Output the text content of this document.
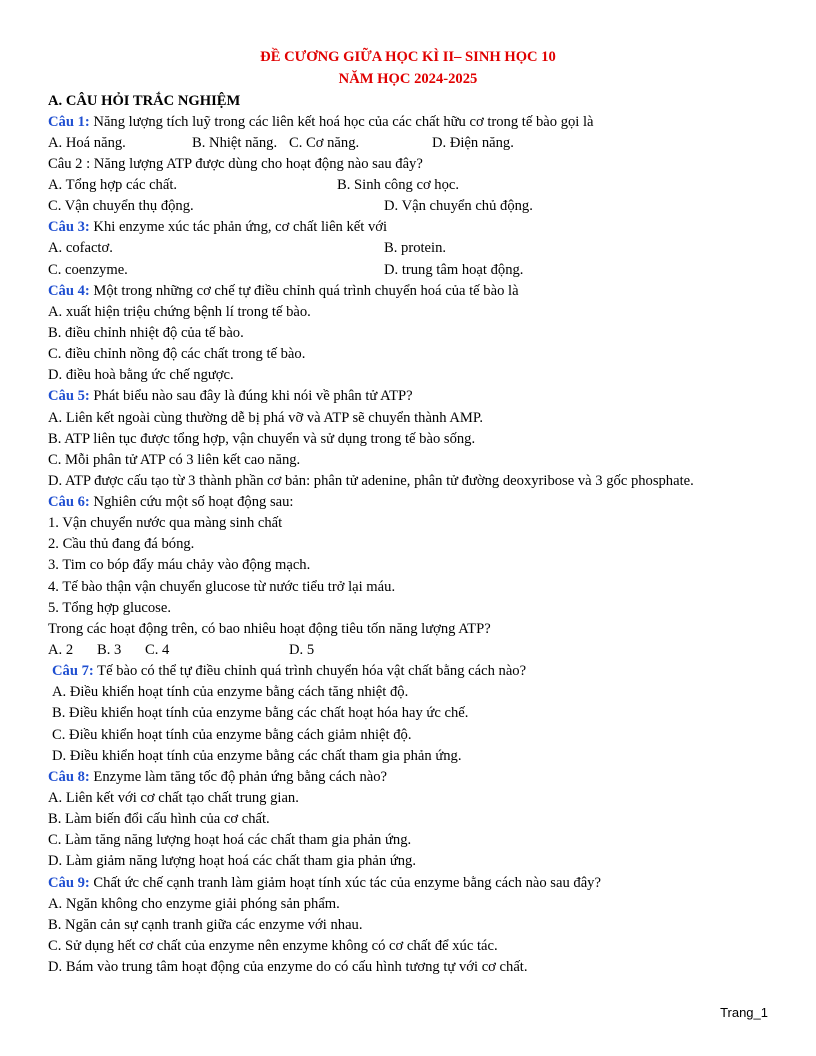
ĐỀ CƯƠNG GIỮA HỌC KÌ II– SINH HỌC 10
NĂM HỌC 2024-2025
A. CÂU HỎI TRẮC NGHIỆM
Câu 1: Năng lượng tích luỹ trong các liên kết hoá học của các chất hữu cơ trong tế bào gọi là
A. Hoá năng.	B. Nhiệt năng. C. Cơ năng.	D. Điện năng.
Câu 2 : Năng lượng ATP được dùng cho hoạt động nào sau đây?
A. Tổng hợp các chất.	B. Sinh công cơ học.
C. Vận chuyển thụ động.	D. Vận chuyển chủ động.
Câu 3: Khi enzyme xúc tác phản ứng, cơ chất liên kết với
A. cofactơ.	B. protein.
C. coenzyme.	D. trung tâm hoạt động.
Câu 4: Một trong những cơ chế tự điều chỉnh quá trình chuyển hoá của tế bào là
A. xuất hiện triệu chứng bệnh lí trong tế bào.
B. điều chỉnh nhiệt độ của tế bào.
C. điều chỉnh nồng độ các chất trong tế bào.
D. điều hoà bằng ức chế ngược.
Câu 5: Phát biểu nào sau đây là đúng khi nói về phân tử ATP?
A. Liên kết ngoài cùng thường dễ bị phá vỡ và ATP sẽ chuyển thành AMP.
B. ATP liên tục được tổng hợp, vận chuyển và sử dụng trong tế bào sống.
C. Mỗi phân tử ATP có 3 liên kết cao năng.
D. ATP được cấu tạo từ 3 thành phần cơ bản: phân tử adenine, phân tử đường deoxyribose và 3 gốc phosphate.
Câu 6: Nghiên cứu một số hoạt động sau:
1. Vận chuyển nước qua màng sinh chất
2. Cầu thủ đang đá bóng.
3. Tim co bóp đẩy máu chảy vào động mạch.
4. Tế bào thận vận chuyển glucose từ nước tiểu trở lại máu.
5. Tổng hợp glucose.
Trong các hoạt động trên, có bao nhiêu hoạt động tiêu tốn năng lượng ATP?
A. 2 B. 3 C. 4	D. 5
Câu 7: Tế bào có thể tự điều chỉnh quá trình chuyển hóa vật chất bằng cách nào?
A. Điều khiển hoạt tính của enzyme bằng cách tăng nhiệt độ.
B. Điều khiển hoạt tính của enzyme bằng các chất hoạt hóa hay ức chế.
C. Điều khiển hoạt tính của enzyme bằng cách giảm nhiệt độ.
D. Điều khiển hoạt tính của enzyme bằng các chất tham gia phản ứng.
Câu 8: Enzyme làm tăng tốc độ phản ứng bằng cách nào?
A. Liên kết với cơ chất tạo chất trung gian.
B. Làm biến đổi cấu hình của cơ chất.
C. Làm tăng năng lượng hoạt hoá các chất tham gia phản ứng.
D. Làm giảm năng lượng hoạt hoá các chất tham gia phản ứng.
Câu 9: Chất ức chế cạnh tranh làm giảm hoạt tính xúc tác của enzyme bằng cách nào sau đây?
A. Ngăn không cho enzyme giải phóng sản phẩm.
B. Ngăn cản sự cạnh tranh giữa các enzyme với nhau.
C. Sử dụng hết cơ chất của enzyme nên enzyme không có cơ chất để xúc tác.
D. Bám vào trung tâm hoạt động của enzyme do có cấu hình tương tự với cơ chất.
Trang_1
